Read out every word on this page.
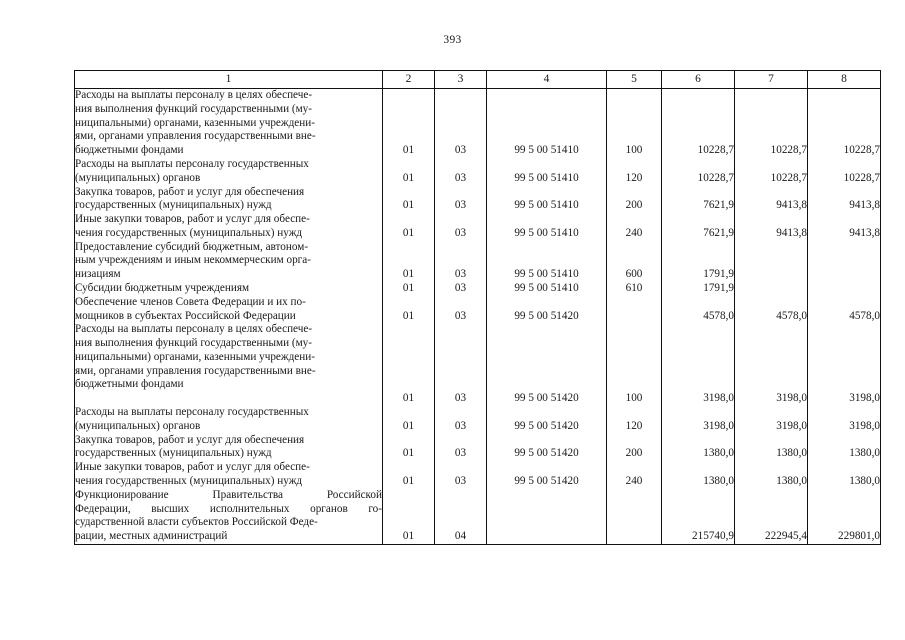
393
1	2	3	4	5	6	7	8

Расходы на выплаты персоналу в целях обеспече-
ния выполнения функций государственными (му-
ниципальными) органами, казенными учреждени-
ями, органами управления государственными вне-
бюджетными фондами	01	03	99 5 00 51410	100	10228,7	10228,7	10228,7

Расходы на выплаты персоналу государственных
(муниципальных) органов	01	03	99 5 00 51410	120	10228,7	10228,7	10228,7

Закупка товаров, работ и услуг для обеспечения
государственных (муниципальных) нужд	01	03	99 5 00 51410	200	7621,9	9413,8	9413,8

Иные закупки товаров, работ и услуг для обеспе-
чения государственных (муниципальных) нужд	01	03	99 5 00 51410	240	7621,9	9413,8	9413,8

Предоставление субсидий бюджетным, автоном-
ным учреждениям и иным некоммерческим орга-
низациям	01	03	99 5 00 51410	600	1791,9		

Субсидии бюджетным учреждениям	01	03	99 5 00 51410	610	1791,9		

Обеспечение членов Совета Федерации и их по-
мощников в субъектах Российской Федерации	01	03	99 5 00 51420		4578,0	4578,0	4578,0

Расходы на выплаты персоналу в целях обеспече-
ния выполнения функций государственными (му-
ниципальными) органами, казенными учреждени-
ями, органами управления государственными вне-
бюджетными фондами	01	03	99 5 00 51420	100	3198,0	3198,0	3198,0

Расходы на выплаты персоналу государственных
(муниципальных) органов	01	03	99 5 00 51420	120	3198,0	3198,0	3198,0

Закупка товаров, работ и услуг для обеспечения
государственных (муниципальных) нужд	01	03	99 5 00 51420	200	1380,0	1380,0	1380,0

Иные закупки товаров, работ и услуг для обеспе-
чения государственных (муниципальных) нужд	01	03	99 5 00 51420	240	1380,0	1380,0	1380,0

Функционирование Правительства Российской
Федерации, высших исполнительных органов го-
сударственной власти субъектов Российской Феде-
рации, местных администраций	01	04			215740,9	222945,4	229801,0
